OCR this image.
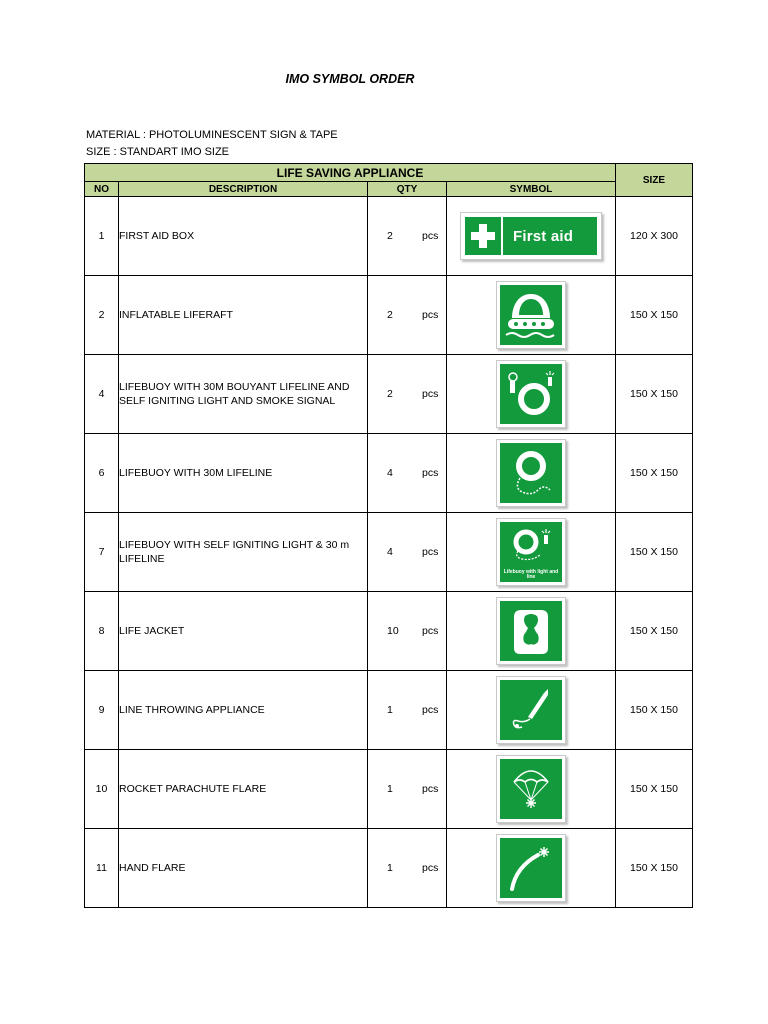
IMO SYMBOL ORDER
MATERIAL : PHOTOLUMINESCENT SIGN & TAPE
SIZE : STANDART IMO SIZE
LIFE SAVING APPLIANCE				SIZE
NO	DESCRIPTION	QTY	SYMBOL	
1	FIRST AID BOX	2 pcs	First aid	120 X 300
2	INFLATABLE LIFERAFT	2 pcs		150 X 150
4	LIFEBUOY WITH 30M BOUYANT LIFELINE AND SELF IGNITING LIGHT AND SMOKE SIGNAL	2 pcs		150 X 150
6	LIFEBUOY WITH 30M LIFELINE	4 pcs		150 X 150
7	LIFEBUOY WITH SELF IGNITING LIGHT & 30 m LIFELINE	4 pcs	Lifebuoy with light and line	150 X 150
8	LIFE JACKET	10 pcs		150 X 150
9	LINE THROWING APPLIANCE	1 pcs		150 X 150
10	ROCKET PARACHUTE FLARE	1 pcs		150 X 150
11	HAND FLARE	1 pcs		150 X 150
